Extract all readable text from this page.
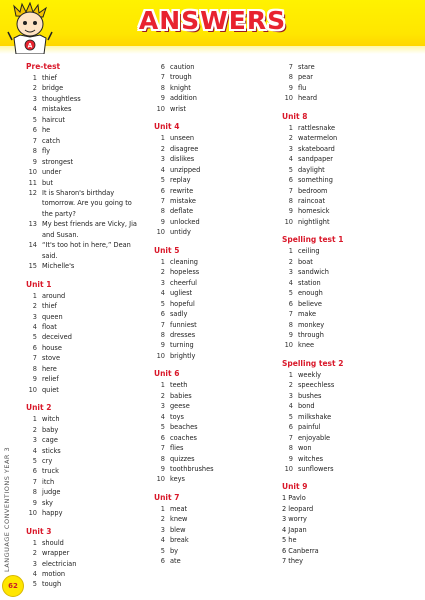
A
ANSWERS
Pre-test
1 thief
2 bridge
3 thoughtless
4 mistakes
5 haircut
6 he
7 catch
8 fly
9 strongest
10 under
11 but
12 It is Sharon's birthday tomorrow. Are you going to the party?
13 My best friends are Vicky, Jia and Susan.
14 “It's too hot in here,” Dean said.
15 Michelle's
Unit 1
1 around
2 thief
3 queen
4 float
5 deceived
6 house
7 stove
8 here
9 relief
10 quiet
Unit 2
1 witch
2 baby
3 cage
4 sticks
5 cry
6 truck
7 itch
8 judge
9 sky
10 happy
Unit 3
1 should
2 wrapper
3 electrician
4 motion
5 tough
6 caution
7 trough
8 knight
9 addition
10 wrist
Unit 4
1 unseen
2 disagree
3 dislikes
4 unzipped
5 replay
6 rewrite
7 mistake
8 deflate
9 unlocked
10 untidy
Unit 5
1 cleaning
2 hopeless
3 cheerful
4 ugliest
5 hopeful
6 sadly
7 funniest
8 dresses
9 turning
10 brightly
Unit 6
1 teeth
2 babies
3 geese
4 toys
5 beaches
6 coaches
7 flies
8 quizzes
9 toothbrushes
10 keys
Unit 7
1 meat
2 knew
3 blew
4 break
5 by
6 ate
7 stare
8 pear
9 flu
10 heard
Unit 8
1 rattlesnake
2 watermelon
3 skateboard
4 sandpaper
5 daylight
6 something
7 bedroom
8 raincoat
9 homesick
10 nightlight
Spelling test 1
1 ceiling
2 boat
3 sandwich
4 station
5 enough
6 believe
7 make
8 monkey
9 through
10 knee
Spelling test 2
1 weekly
2 speechless
3 bushes
4 bond
5 milkshake
6 painful
7 enjoyable
8 won
9 witches
10 sunflowers
Unit 9
1 Pavlo
2 leopard
3 worry
4 Japan
5 he
6 Canberra
7 they
LANGUAGE CONVENTIONS YEAR 3
62
